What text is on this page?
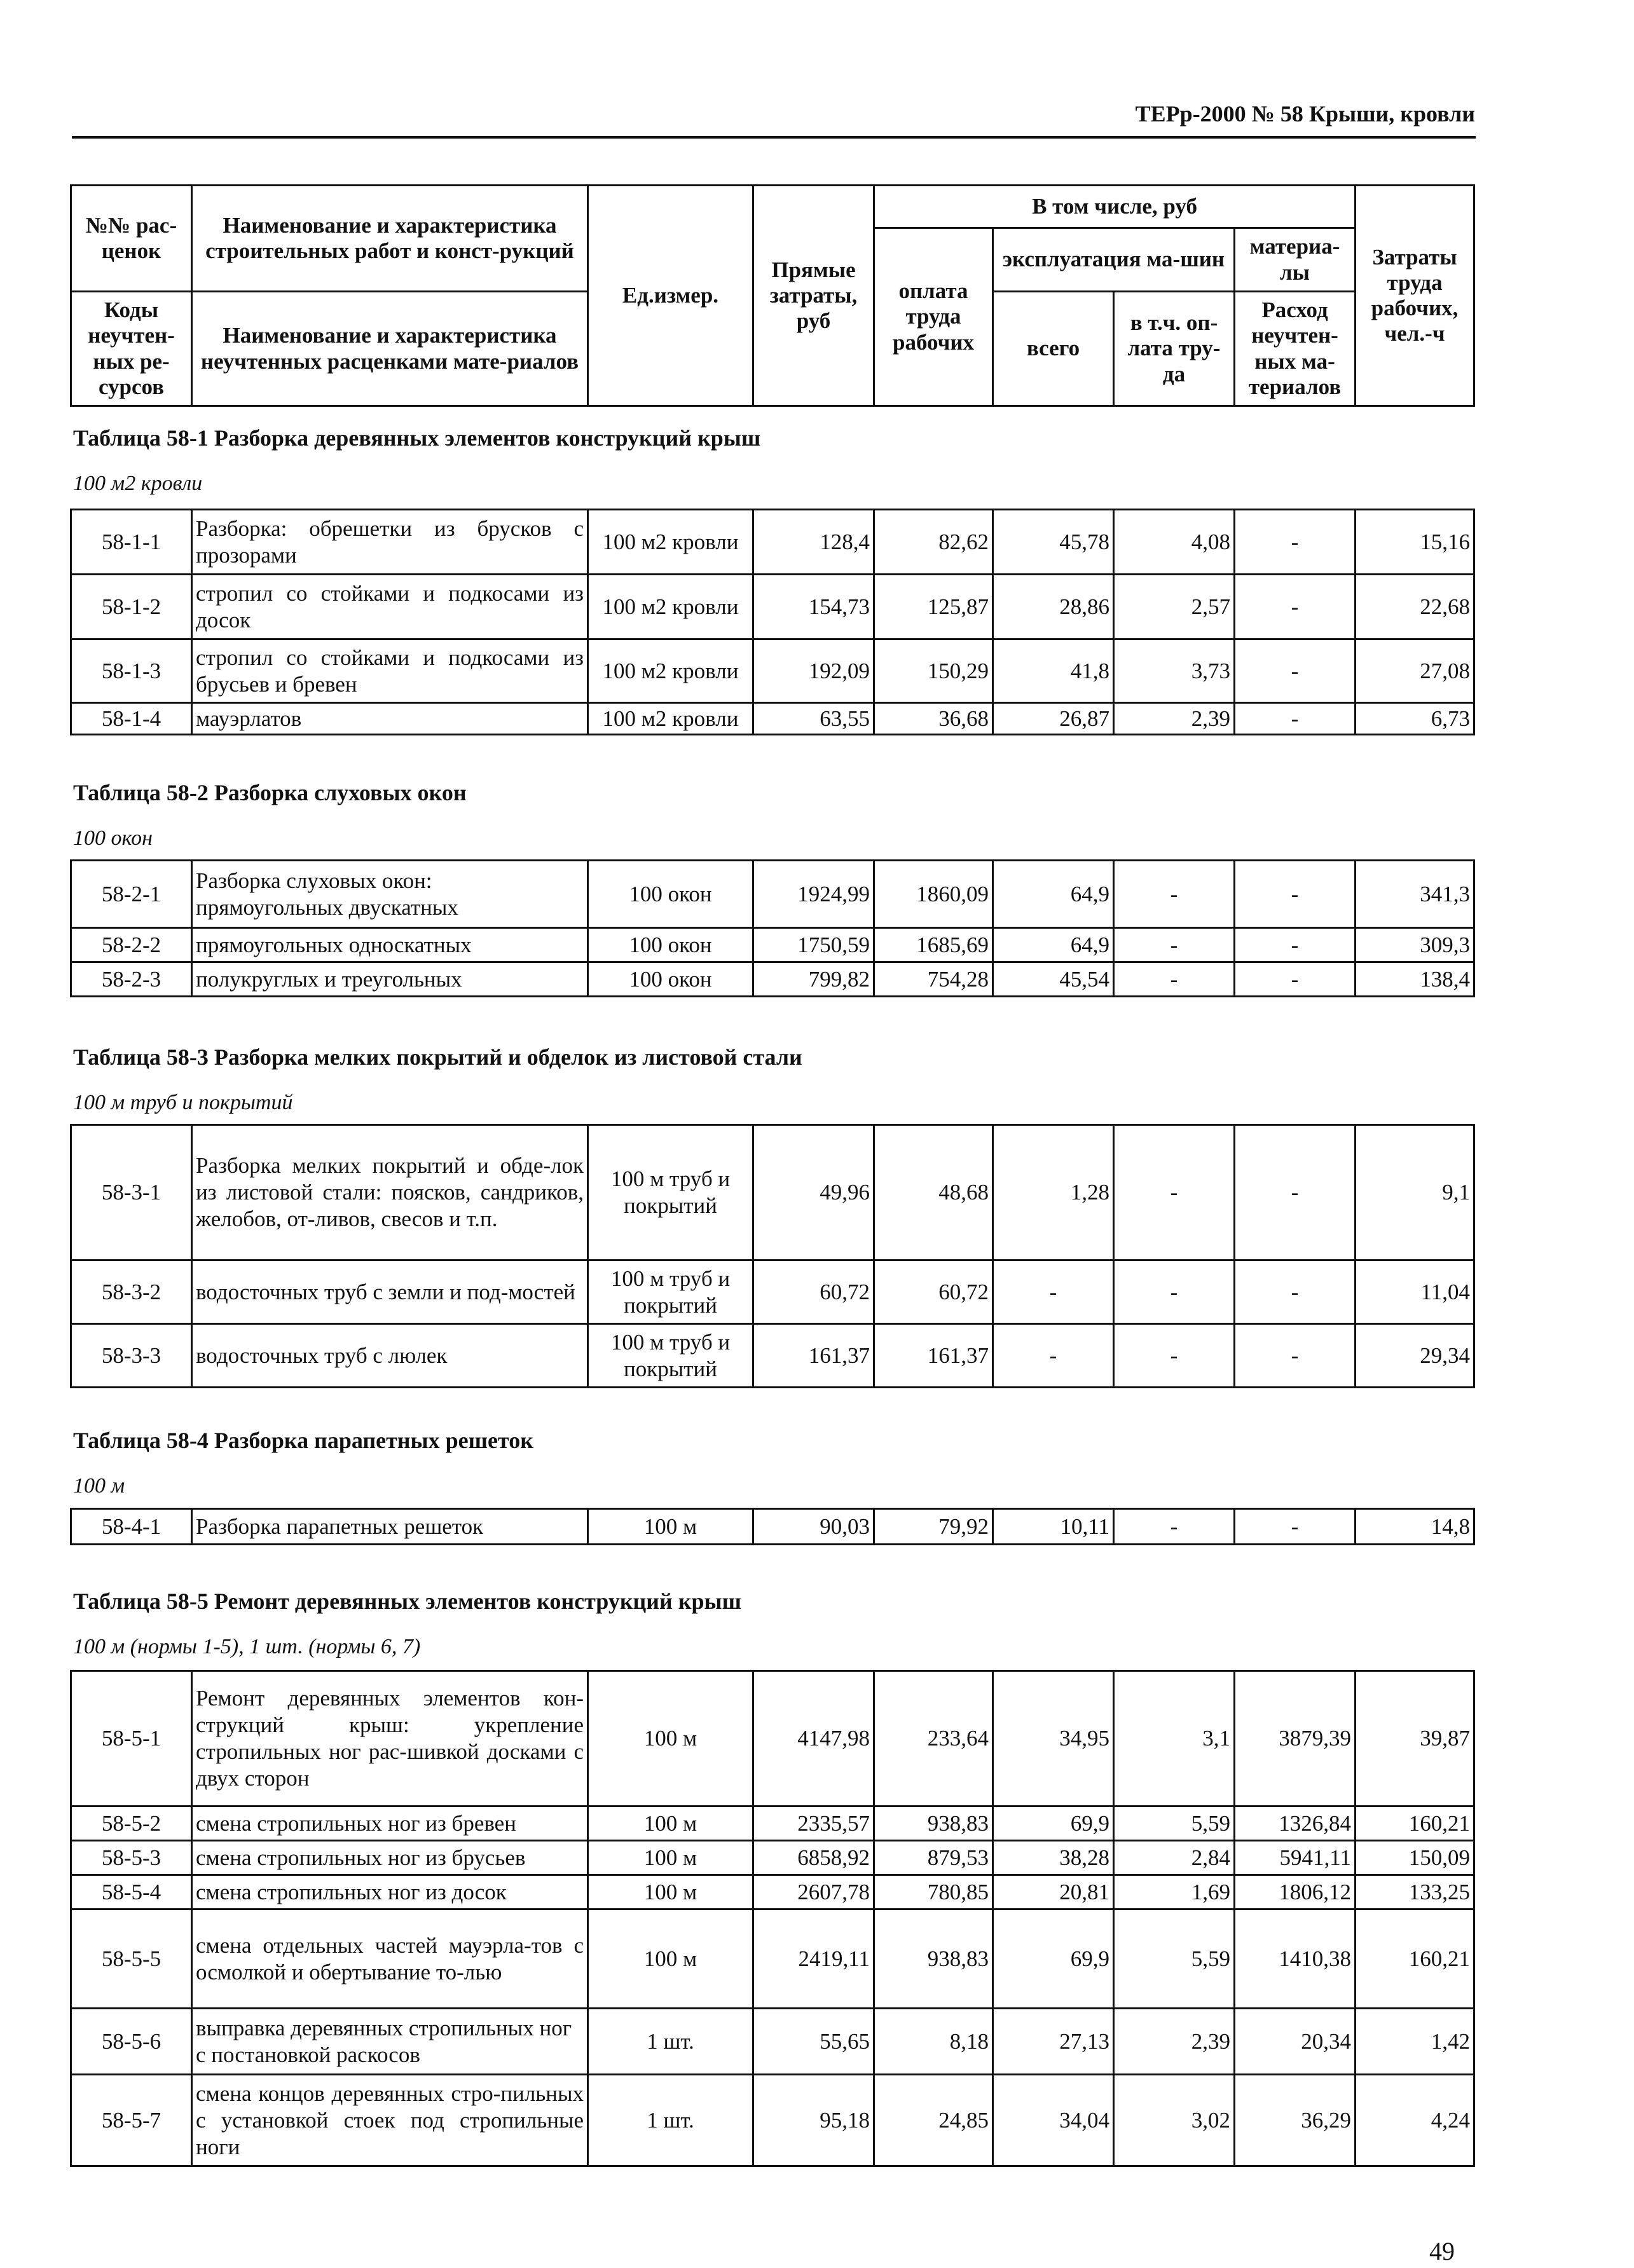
ТЕРр-2000 № 58 Крыши, кровли
№№ рас-ценок	Наименование и характеристика строительных работ и конст-рукций	Ед.измер.	Прямые затраты, руб	В том числе, руб				Затраты труда рабочих, чел.-ч
				оплата труда рабочих	эксплуатация ма-шин		материа-лы	

Коды неучтен-ных ре-сурсов	Наименование и характеристика неучтенных расценками мате-риалов				всего	в т.ч. оп-лата тру-да	Расход неучтен-ных ма-териалов	

Таблица 58-1 Разборка деревянных элементов конструкций крыш
100 м2 кровли
58-1-1	Разборка: обрешетки из брусков с прозорами	100 м2 кровли	128,4	82,62	45,78	4,08	-	15,16
58-1-2	стропил со стойками и подкосами из досок	100 м2 кровли	154,73	125,87	28,86	2,57	-	22,68
58-1-3	стропил со стойками и подкосами из брусьев и бревен	100 м2 кровли	192,09	150,29	41,8	3,73	-	27,08
58-1-4	мауэрлатов	100 м2 кровли	63,55	36,68	26,87	2,39	-	6,73
Таблица 58-2 Разборка слуховых окон
100 окон
58-2-1	Разборка слуховых окон: прямоугольных двускатных	100 окон	1924,99	1860,09	64,9	-	-	341,3
58-2-2	прямоугольных односкатных	100 окон	1750,59	1685,69	64,9	-	-	309,3
58-2-3	полукруглых и треугольных	100 окон	799,82	754,28	45,54	-	-	138,4
Таблица 58-3 Разборка мелких покрытий и обделок из листовой стали
100 м труб и покрытий
58-3-1	Разборка мелких покрытий и обде-лок из листовой стали: поясков, сандриков, желобов, от-ливов, свесов и т.п.	100 м труб и покрытий	49,96	48,68	1,28	-	-	9,1
58-3-2	водосточных труб с земли и под-мостей	100 м труб и покрытий	60,72	60,72	-	-	-	11,04
58-3-3	водосточных труб с люлек	100 м труб и покрытий	161,37	161,37	-	-	-	29,34
Таблица 58-4 Разборка парапетных решеток
100 м
58-4-1	Разборка парапетных решеток	100 м	90,03	79,92	10,11	-	-	14,8
Таблица 58-5 Ремонт деревянных элементов конструкций крыш
100 м (нормы 1-5), 1 шт. (нормы 6, 7)
58-5-1	Ремонт деревянных элементов кон-струкций крыш: укрепление стропильных ног рас-шивкой досками с двух сторон	100 м	4147,98	233,64	34,95	3,1	3879,39	39,87
58-5-2	смена стропильных ног из бревен	100 м	2335,57	938,83	69,9	5,59	1326,84	160,21
58-5-3	смена стропильных ног из брусьев	100 м	6858,92	879,53	38,28	2,84	5941,11	150,09
58-5-4	смена стропильных ног из досок	100 м	2607,78	780,85	20,81	1,69	1806,12	133,25
58-5-5	смена отдельных частей мауэрла-тов с осмолкой и обертывание то-лью	100 м	2419,11	938,83	69,9	5,59	1410,38	160,21
58-5-6	выправка деревянных стропильных ног с постановкой раскосов	1 шт.	55,65	8,18	27,13	2,39	20,34	1,42
58-5-7	смена концов деревянных стро-пильных с установкой стоек под стропильные ноги	1 шт.	95,18	24,85	34,04	3,02	36,29	4,24
49
